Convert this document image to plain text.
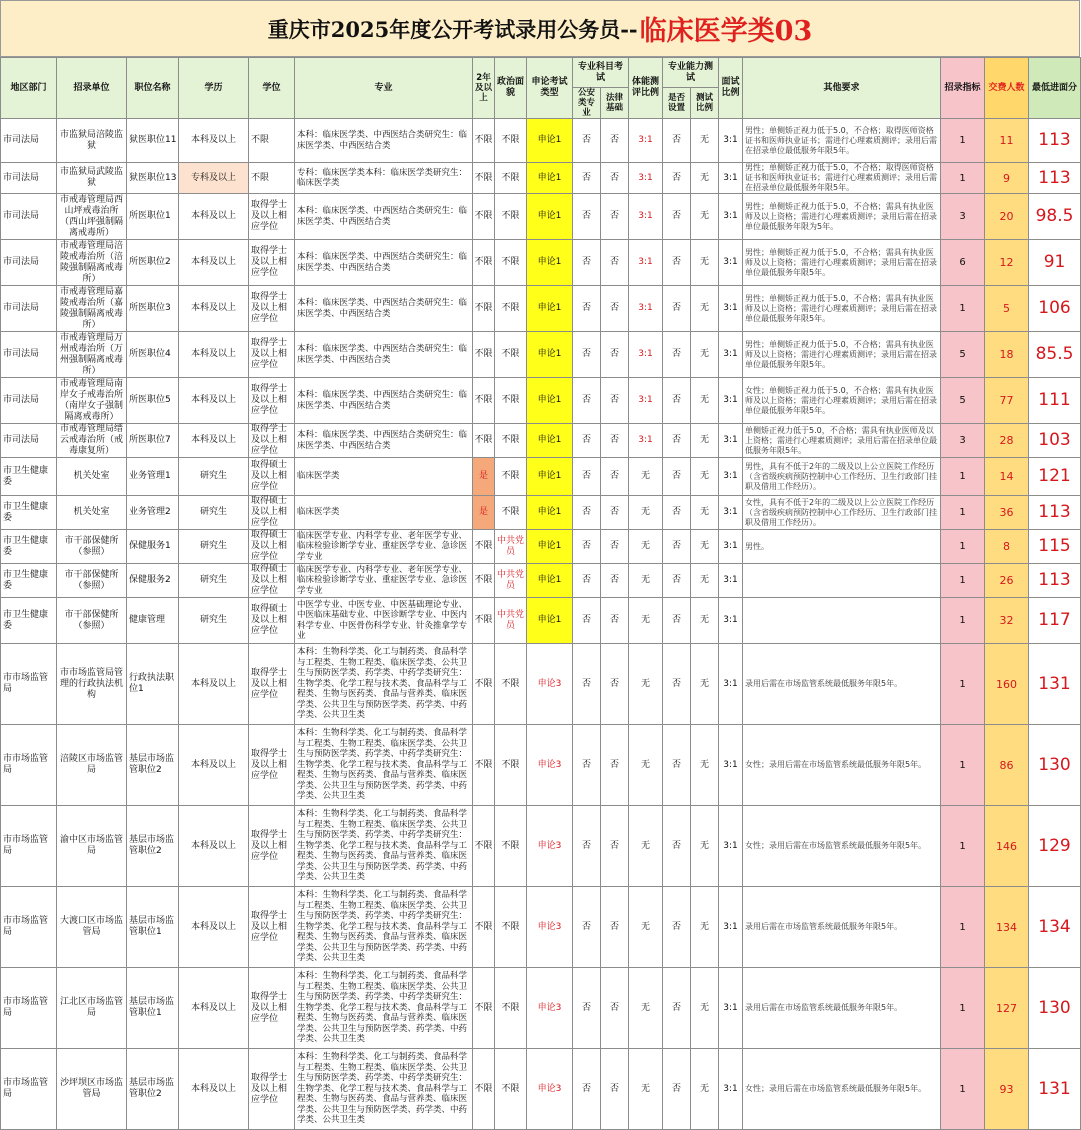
重庆市2025年度公开考试录用公务员-- 临床医学类03
地区部门	招录单位	职位名称	学历	学位	专业	2年及以上	政治面貌	申论考试类型	专业科目考试		体能测评比例	专业能力测试		面试比例	其他要求	招录指标	交费人数	最低进面分
									公安类专业	法律基础		是否设置	测试比例					

市司法局	市监狱局涪陵监狱	狱医职位11	本科及以上	不限	本科：临床医学类、中西医结合类研究生：临床医学类、中西医结合类	不限	不限	申论1	否	否	3:1	否	无	3:1	男性；单侧矫正视力低于5.0，不合格；取得医师资格证书和医师执业证书；需进行心理素质测评；录用后需在招录单位最低服务年限5年。	1	11	113
市司法局	市监狱局武陵监狱	狱医职位13	专科及以上	不限	专科：临床医学类本科：临床医学类研究生：临床医学类	不限	不限	申论1	否	否	3:1	否	无	3:1	男性；单侧矫正视力低于5.0，不合格；取得医师资格证书和医师执业证书；需进行心理素质测评；录用后需在招录单位最低服务年限5年。	1	9	113
市司法局	市戒毒管理局西山坪戒毒治所（西山坪强制隔离戒毒所）	所医职位1	本科及以上	取得学士及以上相应学位	本科：临床医学类、中西医结合类研究生：临床医学类、中西医结合类	不限	不限	申论1	否	否	3:1	否	无	3:1	男性；单侧矫正视力低于5.0，不合格；需具有执业医师及以上资格；需进行心理素质测评；录用后需在招录单位最低服务年限为5年。	3	20	98.5
市司法局	市戒毒管理局涪陵戒毒治所（涪陵强制隔离戒毒所）	所医职位2	本科及以上	取得学士及以上相应学位	本科：临床医学类、中西医结合类研究生：临床医学类、中西医结合类	不限	不限	申论1	否	否	3:1	否	无	3:1	男性；单侧矫正视力低于5.0，不合格；需具有执业医师及以上资格；需进行心理素质测评；录用后需在招录单位最低服务年限5年。	6	12	91
市司法局	市戒毒管理局嘉陵戒毒治所（嘉陵强制隔离戒毒所）	所医职位3	本科及以上	取得学士及以上相应学位	本科：临床医学类、中西医结合类研究生：临床医学类、中西医结合类	不限	不限	申论1	否	否	3:1	否	无	3:1	男性；单侧矫正视力低于5.0，不合格；需具有执业医师及以上资格；需进行心理素质测评；录用后需在招录单位最低服务年限5年。	1	5	106
市司法局	市戒毒管理局万州戒毒治所（万州强制隔离戒毒所）	所医职位4	本科及以上	取得学士及以上相应学位	本科：临床医学类、中西医结合类研究生：临床医学类、中西医结合类	不限	不限	申论1	否	否	3:1	否	无	3:1	男性；单侧矫正视力低于5.0，不合格；需具有执业医师及以上资格；需进行心理素质测评；录用后需在招录单位最低服务年限5年。	5	18	85.5
市司法局	市戒毒管理局南岸女子戒毒治所（南岸女子强制隔离戒毒所）	所医职位5	本科及以上	取得学士及以上相应学位	本科：临床医学类、中西医结合类研究生：临床医学类、中西医结合类	不限	不限	申论1	否	否	3:1	否	无	3:1	女性；单侧矫正视力低于5.0，不合格；需具有执业医师及以上资格；需进行心理素质测评；录用后需在招录单位最低服务年限5年。	5	77	111
市司法局	市戒毒管理局缙云戒毒治所（戒毒康复所）	所医职位7	本科及以上	取得学士及以上相应学位	本科：临床医学类、中西医结合类研究生：临床医学类、中西医结合类	不限	不限	申论1	否	否	3:1	否	无	3:1	单侧矫正视力低于5.0，不合格；需具有执业医师及以上资格；需进行心理素质测评；录用后需在招录单位最低服务年限5年。	3	28	103
市卫生健康委	机关处室	业务管理1	研究生	取得硕士及以上相应学位	临床医学类	是	不限	申论1	否	否	无	否	无	3:1	男性，具有不低于2年的二级及以上公立医院工作经历（含省级疾病预防控制中心工作经历、卫生行政部门挂职及借用工作经历）。	1	14	121
市卫生健康委	机关处室	业务管理2	研究生	取得硕士及以上相应学位	临床医学类	是	不限	申论1	否	否	无	否	无	3:1	女性，具有不低于2年的二级及以上公立医院工作经历（含省级疾病预防控制中心工作经历、卫生行政部门挂职及借用工作经历）。	1	36	113
市卫生健康委	市干部保健所（参照）	保健服务1	研究生	取得硕士及以上相应学位	临床医学专业、内科学专业、老年医学专业、临床检验诊断学专业、重症医学专业、急诊医学专业	不限	中共党员	申论1	否	否	无	否	无	3:1	男性。	1	8	115
市卫生健康委	市干部保健所（参照）	保健服务2	研究生	取得硕士及以上相应学位	临床医学专业、内科学专业、老年医学专业、临床检验诊断学专业、重症医学专业、急诊医学专业	不限	中共党员	申论1	否	否	无	否	无	3:1		1	26	113
市卫生健康委	市干部保健所（参照）	健康管理	研究生	取得硕士及以上相应学位	中医学专业、中医专业、中医基础理论专业、中医临床基础专业、中医诊断学专业、中医内科学专业、中医骨伤科学专业、针灸推拿学专业	不限	中共党员	申论1	否	否	无	否	无	3:1		1	32	117
市市场监管局	市市场监管局管理的行政执法机构	行政执法职位1	本科及以上	取得学士及以上相应学位	本科：生物科学类、化工与制药类、食品科学与工程类、生物工程类、临床医学类、公共卫生与预防医学类、药学类、中药学类研究生：生物学类、化学工程与技术类、食品科学与工程类、生物与医药类、食品与营养类、临床医学类、公共卫生与预防医学类、药学类、中药学类、公共卫生类	不限	不限	申论3	否	否	无	否	无	3:1	录用后需在市场监管系统最低服务年限5年。	1	160	131
市市场监管局	涪陵区市场监管局	基层市场监管职位2	本科及以上	取得学士及以上相应学位	本科：生物科学类、化工与制药类、食品科学与工程类、生物工程类、临床医学类、公共卫生与预防医学类、药学类、中药学类研究生：生物学类、化学工程与技术类、食品科学与工程类、生物与医药类、食品与营养类、临床医学类、公共卫生与预防医学类、药学类、中药学类、公共卫生类	不限	不限	申论3	否	否	无	否	无	3:1	女性；录用后需在市场监管系统最低服务年限5年。	1	86	130
市市场监管局	渝中区市场监管局	基层市场监管职位2	本科及以上	取得学士及以上相应学位	本科：生物科学类、化工与制药类、食品科学与工程类、生物工程类、临床医学类、公共卫生与预防医学类、药学类、中药学类研究生：生物学类、化学工程与技术类、食品科学与工程类、生物与医药类、食品与营养类、临床医学类、公共卫生与预防医学类、药学类、中药学类、公共卫生类	不限	不限	申论3	否	否	无	否	无	3:1	女性；录用后需在市场监管系统最低服务年限5年。	1	146	129
市市场监管局	大渡口区市场监管局	基层市场监管职位1	本科及以上	取得学士及以上相应学位	本科：生物科学类、化工与制药类、食品科学与工程类、生物工程类、临床医学类、公共卫生与预防医学类、药学类、中药学类研究生：生物学类、化学工程与技术类、食品科学与工程类、生物与医药类、食品与营养类、临床医学类、公共卫生与预防医学类、药学类、中药学类、公共卫生类	不限	不限	申论3	否	否	无	否	无	3:1	录用后需在市场监管系统最低服务年限5年。	1	134	134
市市场监管局	江北区市场监管局	基层市场监管职位1	本科及以上	取得学士及以上相应学位	本科：生物科学类、化工与制药类、食品科学与工程类、生物工程类、临床医学类、公共卫生与预防医学类、药学类、中药学类研究生：生物学类、化学工程与技术类、食品科学与工程类、生物与医药类、食品与营养类、临床医学类、公共卫生与预防医学类、药学类、中药学类、公共卫生类	不限	不限	申论3	否	否	无	否	无	3:1	录用后需在市场监管系统最低服务年限5年。	1	127	130
市市场监管局	沙坪坝区市场监管局	基层市场监管职位2	本科及以上	取得学士及以上相应学位	本科：生物科学类、化工与制药类、食品科学与工程类、生物工程类、临床医学类、公共卫生与预防医学类、药学类、中药学类研究生：生物学类、化学工程与技术类、食品科学与工程类、生物与医药类、食品与营养类、临床医学类、公共卫生与预防医学类、药学类、中药学类、公共卫生类	不限	不限	申论3	否	否	无	否	无	3:1	女性；录用后需在市场监管系统最低服务年限5年。	1	93	131
